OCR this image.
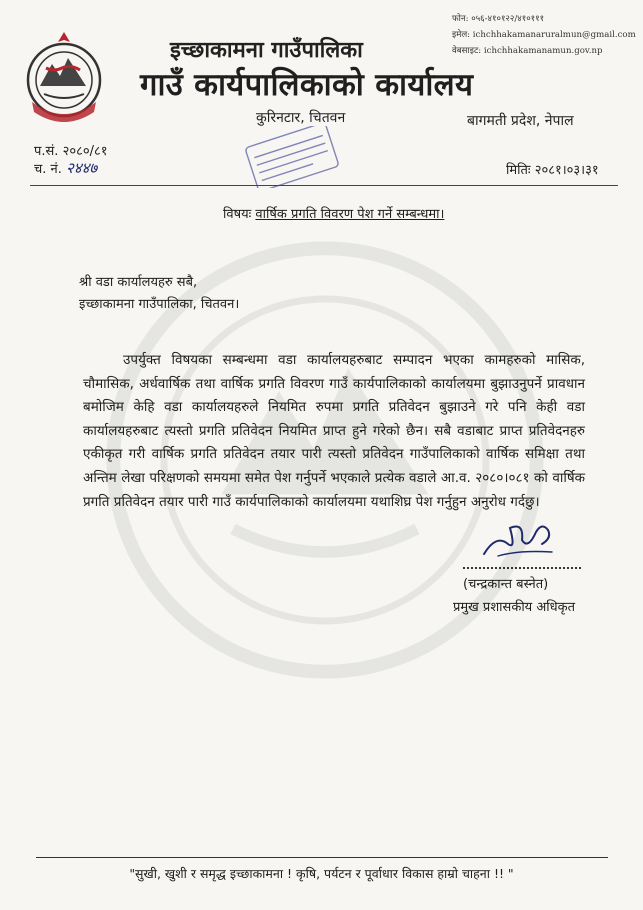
फोन: ०५६-४१०१२२/४१०१११
इमेल: ichchhakamanaruralmun@gmail.com
वेबसाइट: ichchhakamanamun.gov.np
इच्छाकामना गाउँपालिका
गाउँ कार्यपालिकाको कार्यालय
कुरिनटार, चितवन	बागमती प्रदेश, नेपाल
प.सं. २०८०/८१
च. नं. २४४७	मितिः २०८१।०३।३१
विषयः वार्षिक प्रगति विवरण पेश गर्ने सम्बन्धमा।
श्री वडा कार्यालयहरु सबै,
इच्छाकामना गाउँपालिका, चितवन।

उपर्युक्त विषयका सम्बन्धमा वडा कार्यालयहरुबाट सम्पादन भएका कामहरुको मासिक, चौमासिक, अर्धवार्षिक तथा वार्षिक प्रगति विवरण गाउँ कार्यपालिकाको कार्यालयमा बुझाउनुपर्ने प्रावधान बमोजिम केहि वडा कार्यालयहरुले नियमित रुपमा प्रगति प्रतिवेदन बुझाउने गरे पनि केही वडा कार्यालयहरुबाट त्यस्तो प्रगति प्रतिवेदन नियमित प्राप्त हुने गरेको छैन। सबै वडाबाट प्राप्त प्रतिवेदनहरु एकीकृत गरी वार्षिक प्रगति प्रतिवेदन तयार पारी त्यस्तो प्रतिवेदन गाउँपालिकाको वार्षिक समिक्षा तथा अन्तिम लेखा परिक्षणको समयमा समेत पेश गर्नुपर्ने भएकाले प्रत्येक वडाले आ.व. २०८०।०८१ को वार्षिक प्रगति प्रतिवेदन तयार पारी गाउँ कार्यपालिकाको कार्यालयमा यथाशिघ्र पेश गर्नुहुन अनुरोध गर्दछु।

(चन्द्रकान्त बस्नेत)
प्रमुख प्रशासकीय अधिकृत
"सुखी, खुशी र समृद्ध इच्छाकामना ! कृषि, पर्यटन र पूर्वाधार विकास हाम्रो चाहना !! "
